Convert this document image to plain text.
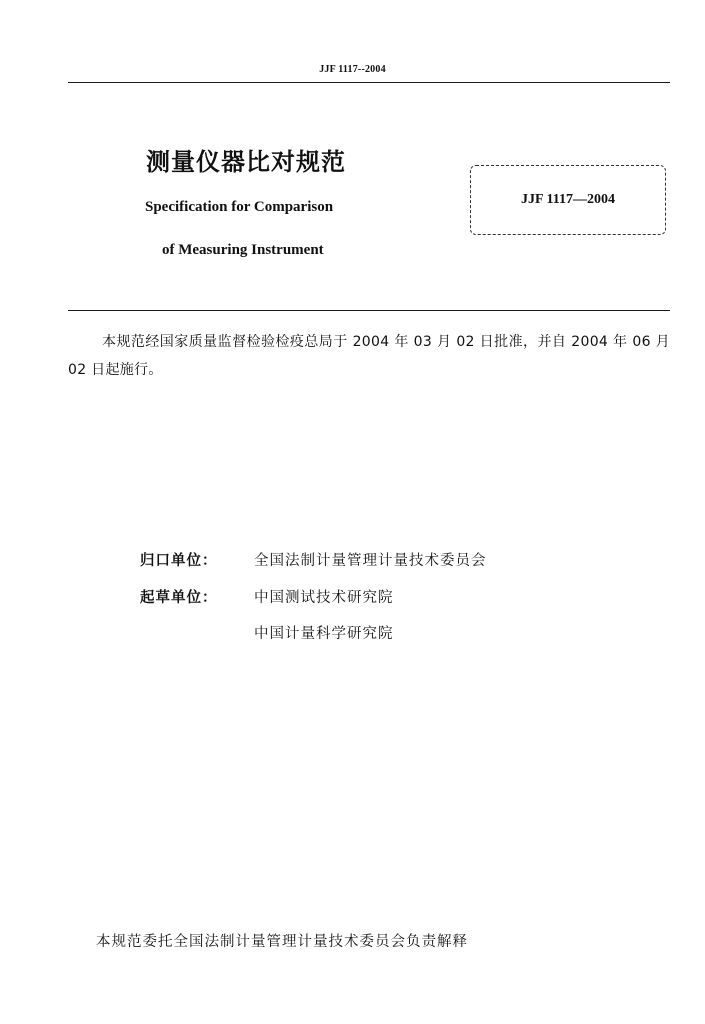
JJF 1117--2004
测量仪器比对规范
Specification for Comparison
of Measuring Instrument
JJF 1117—2004
本规范经国家质量监督检验检疫总局于 2004 年 03 月 02 日批准，并自 2004 年 06 月 02 日起施行。
归口单位：	全国法制计量管理计量技术委员会
起草单位：	中国测试技术研究院
中国计量科学研究院
本规范委托全国法制计量管理计量技术委员会负责解释
